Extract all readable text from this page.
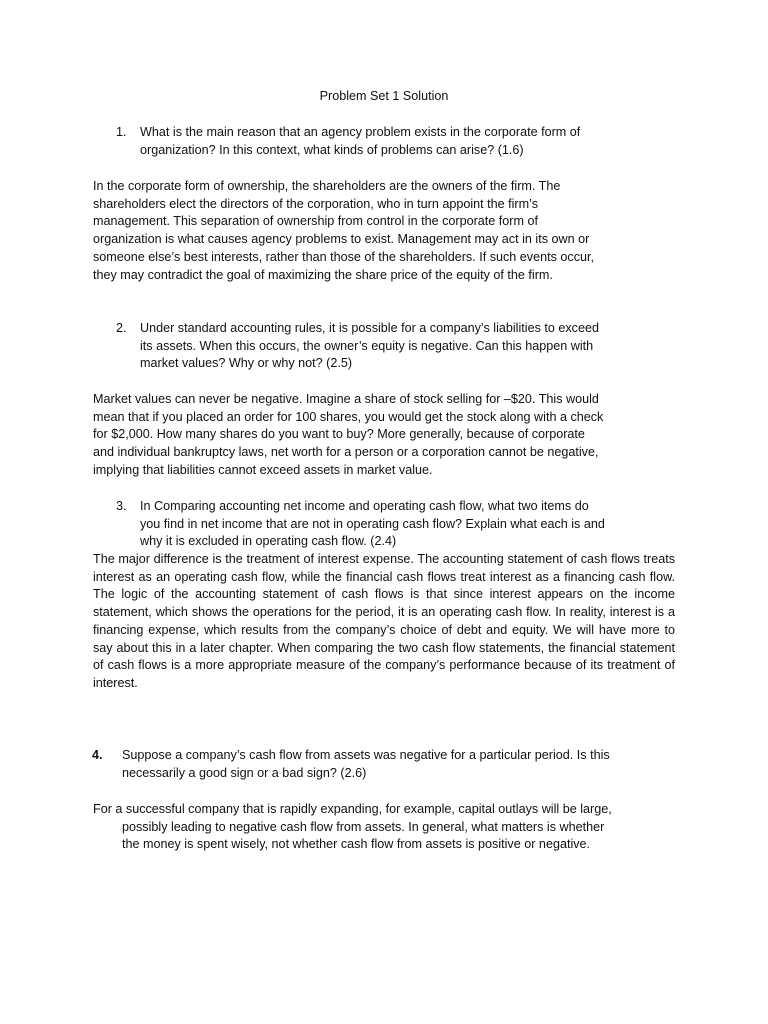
Problem Set 1 Solution
1. What is the main reason that an agency problem exists in the corporate form of
organization? In this context, what kinds of problems can arise? (1.6)
In the corporate form of ownership, the shareholders are the owners of the firm. The
shareholders elect the directors of the corporation, who in turn appoint the firm’s
management. This separation of ownership from control in the corporate form of
organization is what causes agency problems to exist. Management may act in its own or
someone else’s best interests, rather than those of the shareholders. If such events occur,
they may contradict the goal of maximizing the share price of the equity of the firm.
2. Under standard accounting rules, it is possible for a company’s liabilities to exceed
its assets. When this occurs, the owner’s equity is negative. Can this happen with
market values? Why or why not? (2.5)
Market values can never be negative. Imagine a share of stock selling for –$20. This would
mean that if you placed an order for 100 shares, you would get the stock along with a check
for $2,000. How many shares do you want to buy? More generally, because of corporate
and individual bankruptcy laws, net worth for a person or a corporation cannot be negative,
implying that liabilities cannot exceed assets in market value.
3. In Comparing accounting net income and operating cash flow, what two items do
you find in net income that are not in operating cash flow? Explain what each is and
why it is excluded in operating cash flow. (2.4)

The major difference is the treatment of interest expense. The accounting statement of cash flows treats interest as an operating cash flow, while the financial cash flows treat interest as a financing cash flow. The logic of the accounting statement of cash flows is that since interest appears on the income statement, which shows the operations for the period, it is an operating cash flow. In reality, interest is a financing expense, which results from the company’s choice of debt and equity. We will have more to say about this in a later chapter. When comparing the two cash flow statements, the financial statement of cash flows is a more appropriate measure of the company’s performance because of its treatment of interest.

4. Suppose a company’s cash flow from assets was negative for a particular period. Is this
necessarily a good sign or a bad sign? (2.6)
For a successful company that is rapidly expanding, for example, capital outlays will be large,
possibly leading to negative cash flow from assets. In general, what matters is whether
the money is spent wisely, not whether cash flow from assets is positive or negative.
